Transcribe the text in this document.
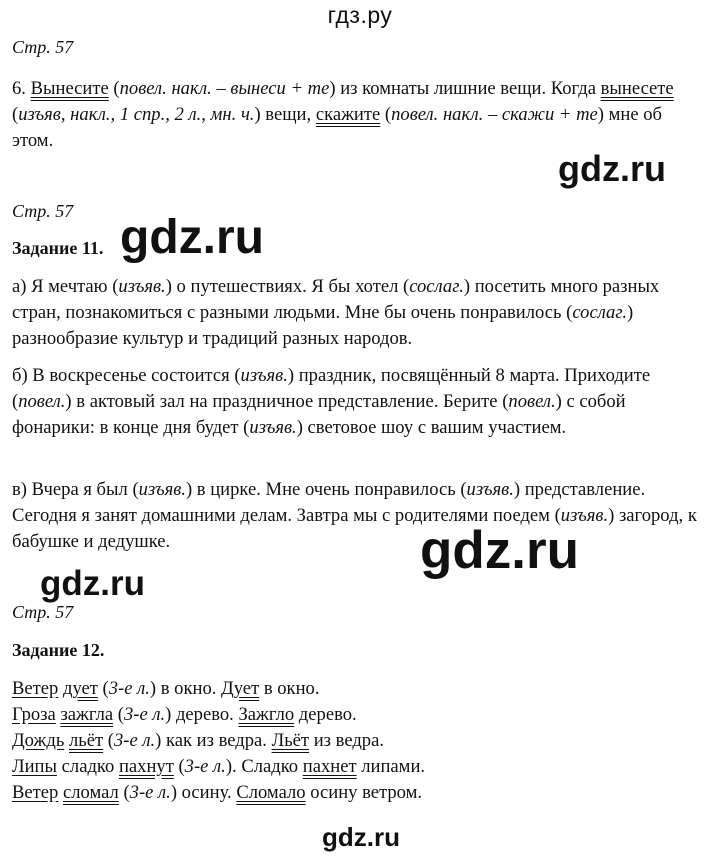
гдз.ру
gdz.ru
gdz.ru
gdz.ru
gdz.ru
gdz.ru
Стр. 57
6. Вынесите (повел. накл. – вынеси + те) из комнаты лишние вещи. Когда вынесете (изъяв, накл., 1 спр., 2 л., мн. ч.) вещи, скажите (повел. накл. – скажи + те) мне об этом.
Стр. 57
Задание 11.
а) Я мечтаю (изъяв.) о путешествиях. Я бы хотел (сослаг.) посетить много разных стран, познакомиться с разными людьми. Мне бы очень понравилось (сослаг.) разнообразие культур и традиций разных народов.
б) В воскресенье состоится (изъяв.) праздник, посвящённый 8 марта. Приходите (повел.) в актовый зал на праздничное представление. Берите (повел.) с собой фонарики: в конце дня будет (изъяв.) световое шоу с вашим участием.
в) Вчера я был (изъяв.) в цирке. Мне очень понравилось (изъяв.) представление. Сегодня я занят домашними делам. Завтра мы с родителями поедем (изъяв.) загород, к бабушке и дедушке.
Стр. 57
Задание 12.
Ветер дует (3-е л.) в окно. Дует в окно.
Гроза зажгла (3-е л.) дерево. Зажгло дерево.
Дождь льёт (3-е л.) как из ведра. Льёт из ведра.
Липы сладко пахнут (3-е л.). Сладко пахнет липами.
Ветер сломал (3-е л.) осину. Сломало осину ветром.
